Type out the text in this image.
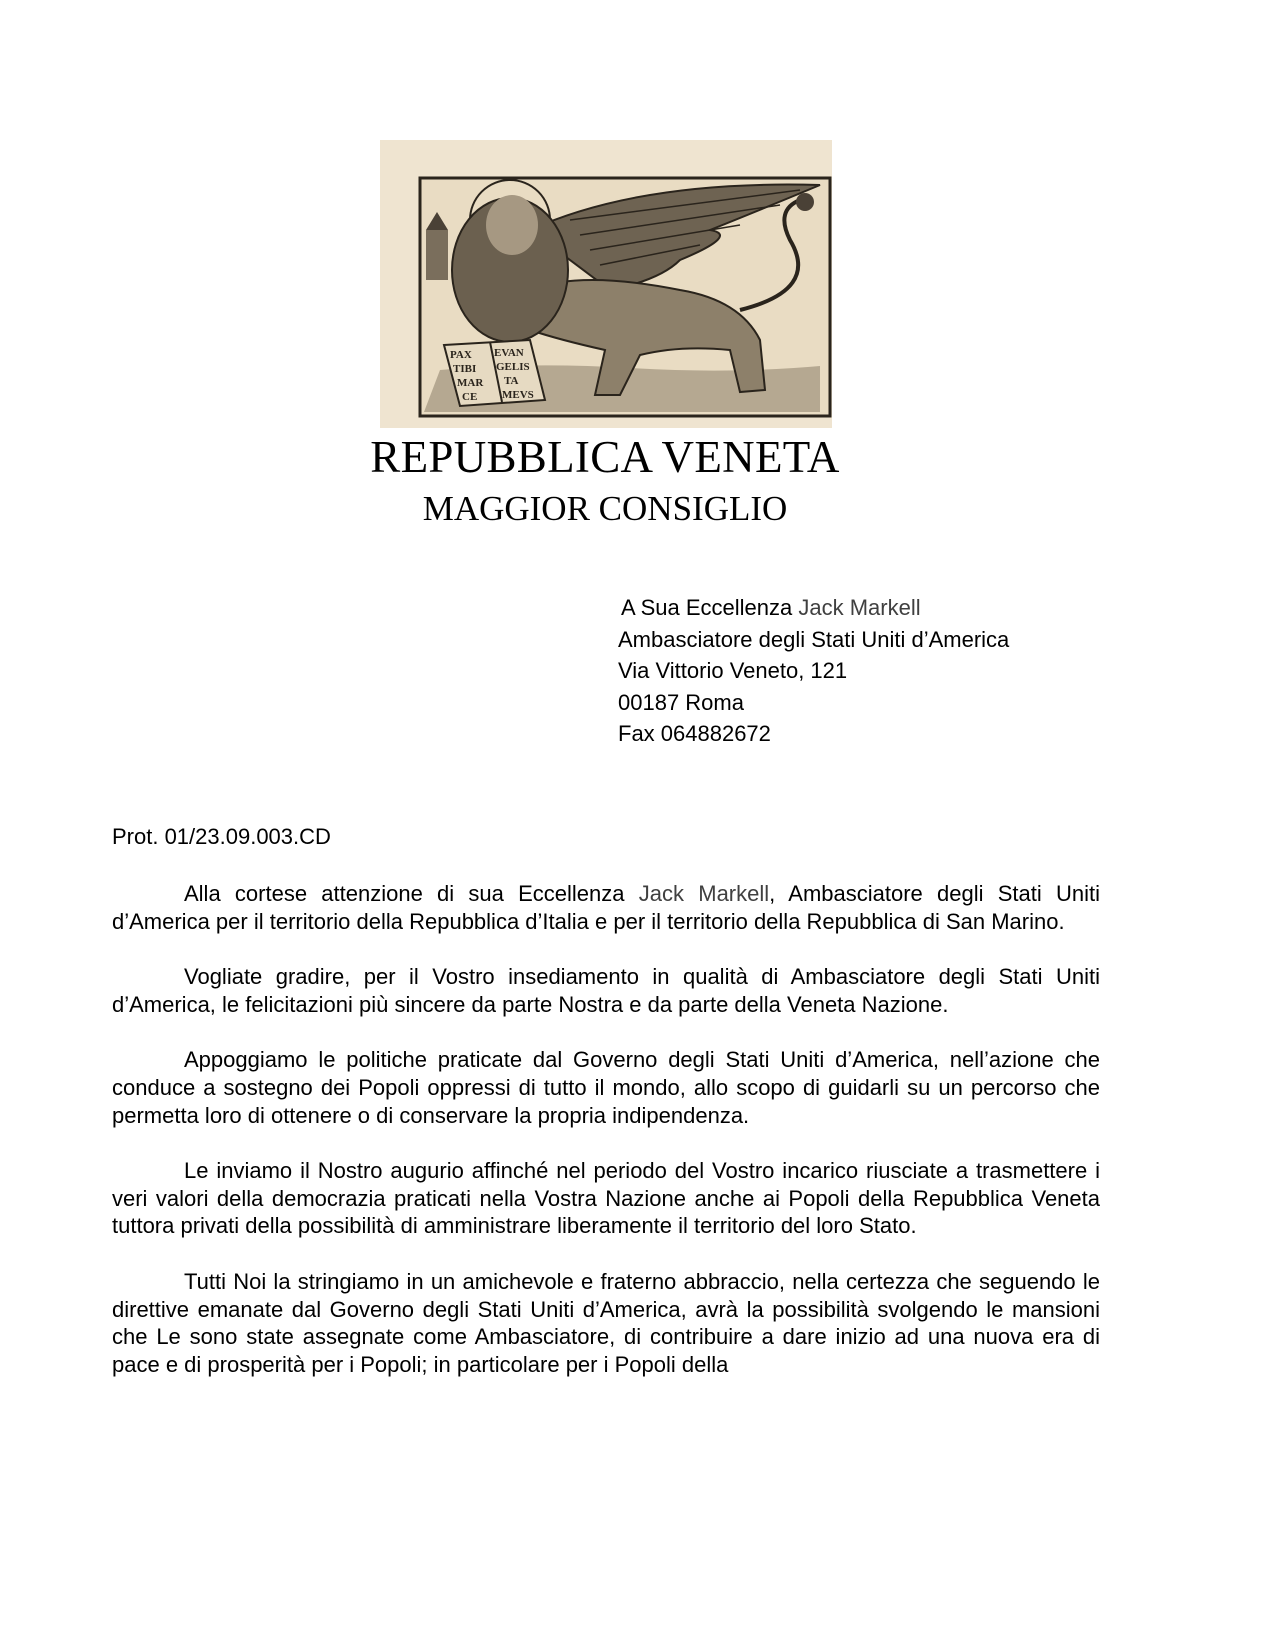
PAX EVAN
TIBI GELIS
MAR TA
CE MEVS
REPUBBLICA VENETA
MAGGIOR CONSIGLIO
A Sua Eccellenza Jack Markell
Ambasciatore degli Stati Uniti d’America
Via Vittorio Veneto, 121
00187 Roma
Fax 064882672
Prot. 01/23.09.003.CD

Alla cortese attenzione di sua Eccellenza Jack Markell, Ambasciatore degli Stati Uniti d’America per il territorio della Repubblica d’Italia e per il territorio della Repubblica di San Marino.

Vogliate gradire, per il Vostro insediamento in qualità di Ambasciatore degli Stati Uniti d’America, le felicitazioni più sincere da parte Nostra e da parte della Veneta Nazione.

Appoggiamo le politiche praticate dal Governo degli Stati Uniti d’America, nell’azione che conduce a sostegno dei Popoli oppressi di tutto il mondo, allo scopo di guidarli su un percorso che permetta loro di ottenere o di conservare la propria indipendenza.

Le inviamo il Nostro augurio affinché nel periodo del Vostro incarico riusciate a trasmettere i veri valori della democrazia praticati nella Vostra Nazione anche ai Popoli della Repubblica Veneta tuttora privati della possibilità di amministrare liberamente il territorio del loro Stato.

Tutti Noi la stringiamo in un amichevole e fraterno abbraccio, nella certezza che seguendo le direttive emanate dal Governo degli Stati Uniti d’America, avrà la possibilità svolgendo le mansioni che Le sono state assegnate come Ambasciatore, di contribuire a dare inizio ad una nuova era di pace e di prosperità per i Popoli; in particolare per i Popoli della
